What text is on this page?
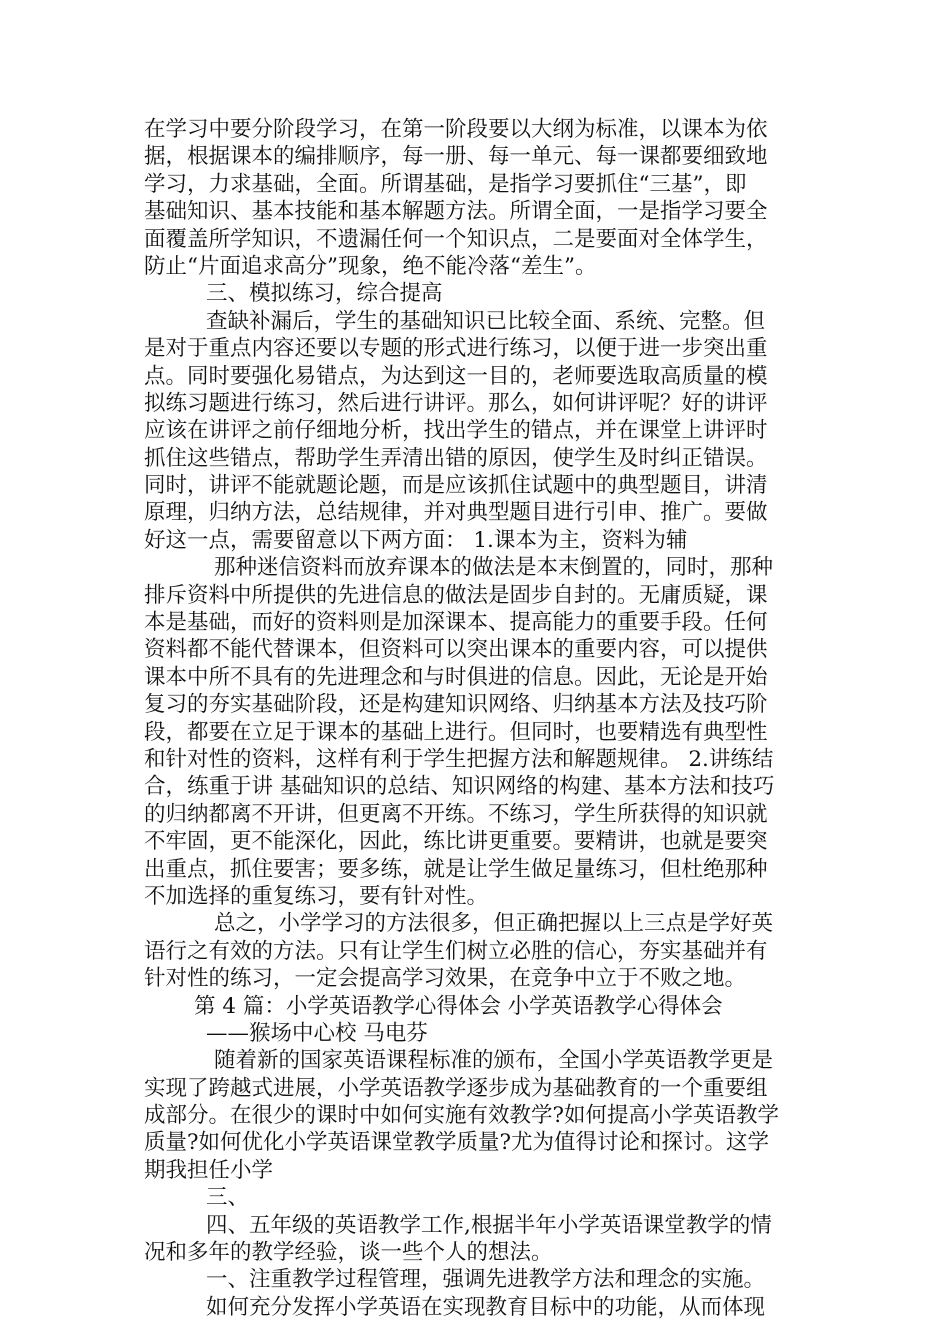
在学习中要分阶段学习，在第一阶段要以大纲为标准，以课本为依
据，根据课本的编排顺序，每一册、每一单元、每一课都要细致地
学习，力求基础，全面。所谓基础，是指学习要抓住“三基”，即
基础知识、基本技能和基本解题方法。所谓全面，一是指学习要全
面覆盖所学知识，不遗漏任何一个知识点，二是要面对全体学生，
防止“片面追求高分”现象，绝不能冷落“差生”。
三、模拟练习，综合提高
查缺补漏后，学生的基础知识已比较全面、系统、完整。但
是对于重点内容还要以专题的形式进行练习，以便于进一步突出重
点。同时要强化易错点，为达到这一目的，老师要选取高质量的模
拟练习题进行练习，然后进行讲评。那么，如何讲评呢？好的讲评
应该在讲评之前仔细地分析，找出学生的错点，并在课堂上讲评时
抓住这些错点，帮助学生弄清出错的原因，使学生及时纠正错误。
同时，讲评不能就题论题，而是应该抓住试题中的典型题目，讲清
原理，归纳方法，总结规律，并对典型题目进行引申、推广。要做
好这一点，需要留意以下两方面： 1.课本为主，资料为辅
那种迷信资料而放弃课本的做法是本末倒置的，同时，那种
排斥资料中所提供的先进信息的做法是固步自封的。无庸质疑，课
本是基础，而好的资料则是加深课本、提高能力的重要手段。任何
资料都不能代替课本，但资料可以突出课本的重要内容，可以提供
课本中所不具有的先进理念和与时俱进的信息。因此，无论是开始
复习的夯实基础阶段，还是构建知识网络、归纳基本方法及技巧阶
段，都要在立足于课本的基础上进行。但同时，也要精选有典型性
和针对性的资料，这样有利于学生把握方法和解题规律。 2.讲练结
合，练重于讲 基础知识的总结、知识网络的构建、基本方法和技巧
的归纳都离不开讲，但更离不开练。不练习，学生所获得的知识就
不牢固，更不能深化，因此，练比讲更重要。要精讲，也就是要突
出重点，抓住要害；要多练，就是让学生做足量练习，但杜绝那种
不加选择的重复练习，要有针对性。
总之，小学学习的方法很多，但正确把握以上三点是学好英
语行之有效的方法。只有让学生们树立必胜的信心，夯实基础并有
针对性的练习，一定会提高学习效果，在竞争中立于不败之地。
第 4 篇：小学英语教学心得体会 小学英语教学心得体会
——猴场中心校 马电芬
随着新的国家英语课程标准的颁布，全国小学英语教学更是
实现了跨越式进展，小学英语教学逐步成为基础教育的一个重要组
成部分。在很少的课时中如何实施有效教学?如何提高小学英语教学
质量?如何优化小学英语课堂教学质量?尤为值得讨论和探讨。这学
期我担任小学
三、
四、五年级的英语教学工作,根据半年小学英语课堂教学的情
况和多年的教学经验，谈一些个人的想法。
一、注重教学过程管理，强调先进教学方法和理念的实施。
如何充分发挥小学英语在实现教育目标中的功能，从而体现
